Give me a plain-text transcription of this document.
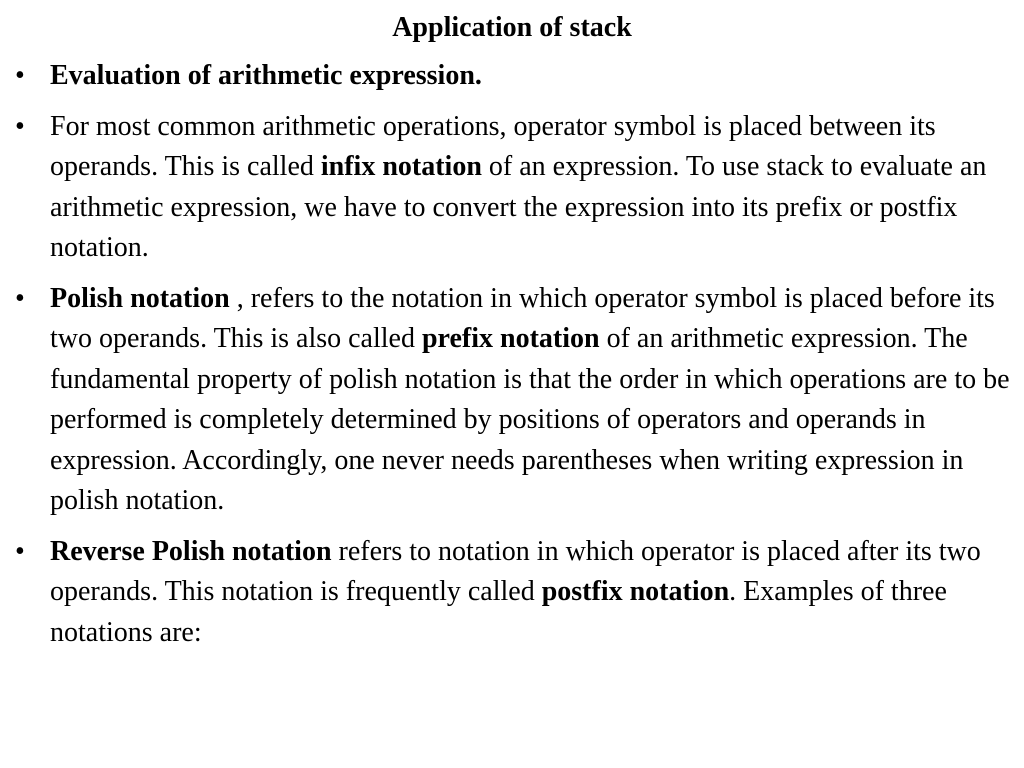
Application of stack
• Evaluation of arithmetic expression.
• For most common arithmetic operations, operator symbol is placed between its operands. This is called infix notation of an expression. To use stack to evaluate an arithmetic expression, we have to convert the expression into its prefix or postfix notation.
• Polish notation , refers to the notation in which operator symbol is placed before its two operands. This is also called prefix notation of an arithmetic expression. The fundamental property of polish notation is that the order in which operations are to be performed is completely determined by positions of operators and operands in expression. Accordingly, one never needs parentheses when writing expression in polish notation.
• Reverse Polish notation refers to notation in which operator is placed after its two operands. This notation is frequently called postfix notation. Examples of three notations are:
